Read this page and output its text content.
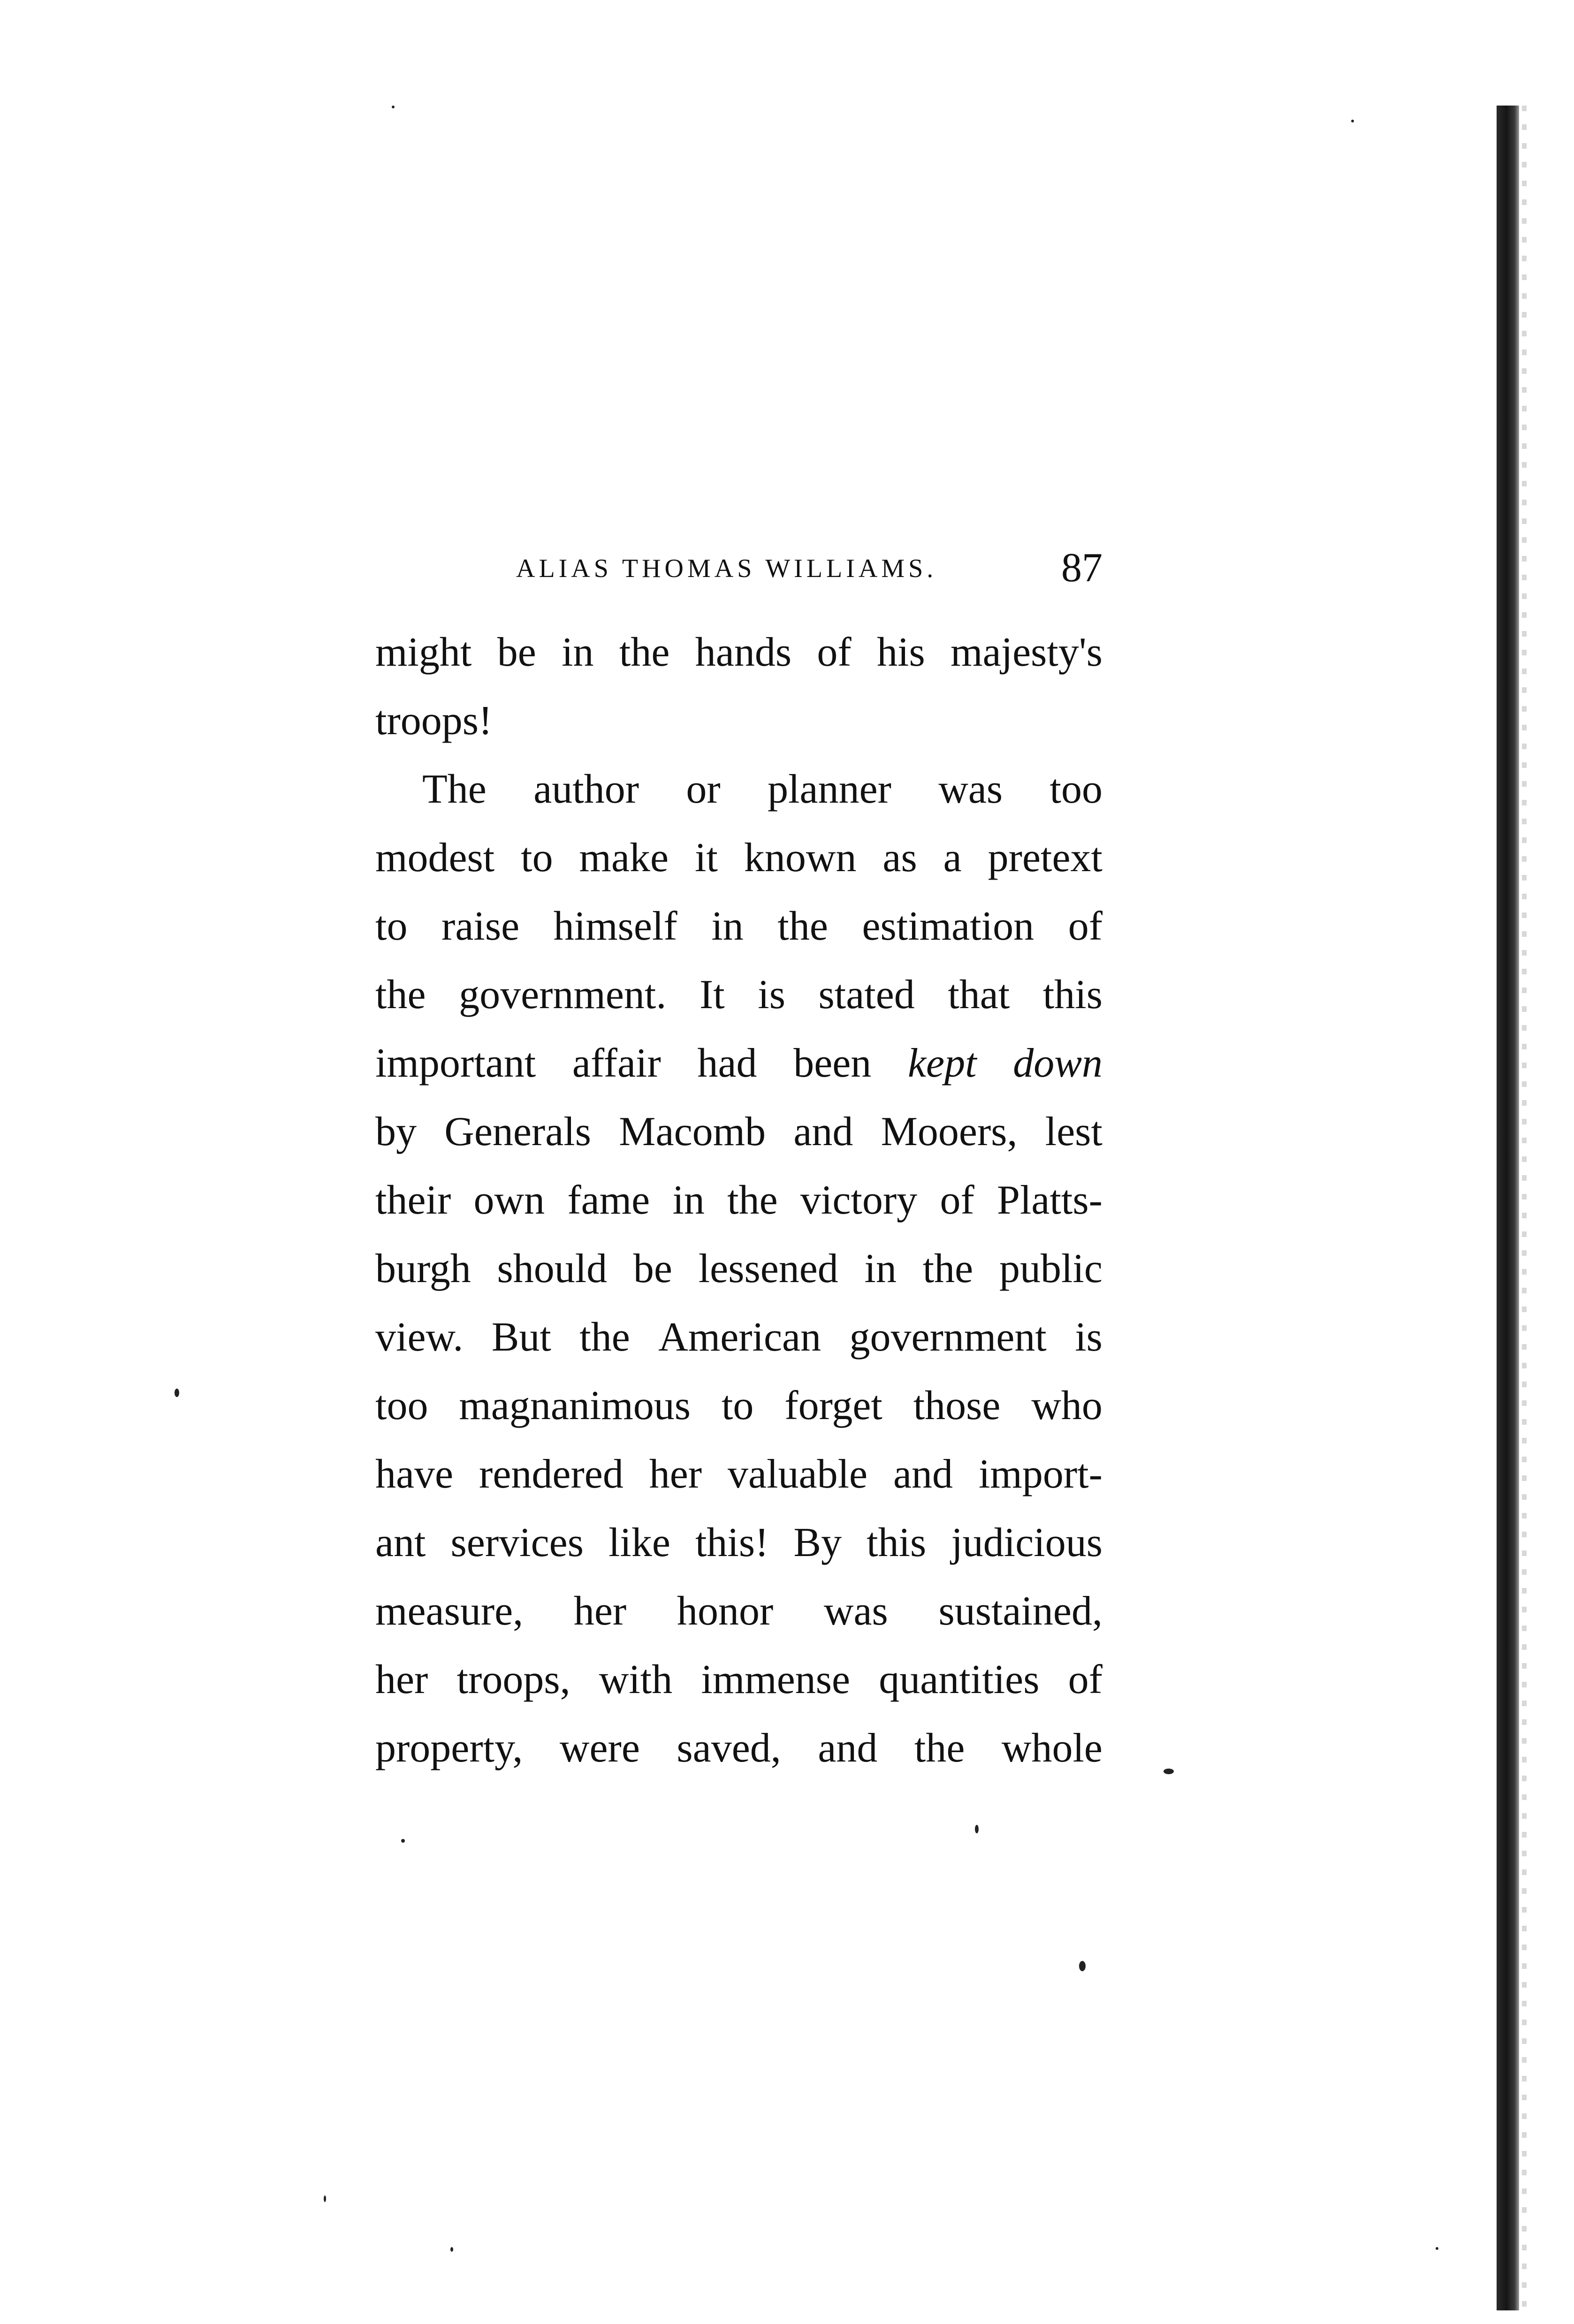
ALIAS THOMAS WILLIAMS.	87
might be in the hands of his majesty's
troops!
The author or planner was too
modest to make it known as a pretext
to raise himself in the estimation of
the government. It is stated that this
important affair had been kept down
by Generals Macomb and Mooers, lest
their own fame in the victory of Platts-
burgh should be lessened in the public
view. But the American government is
too magnanimous to forget those who
have rendered her valuable and import-
ant services like this! By this judicious
measure, her honor was sustained,
her troops, with immense quantities of
property, were saved, and the whole
